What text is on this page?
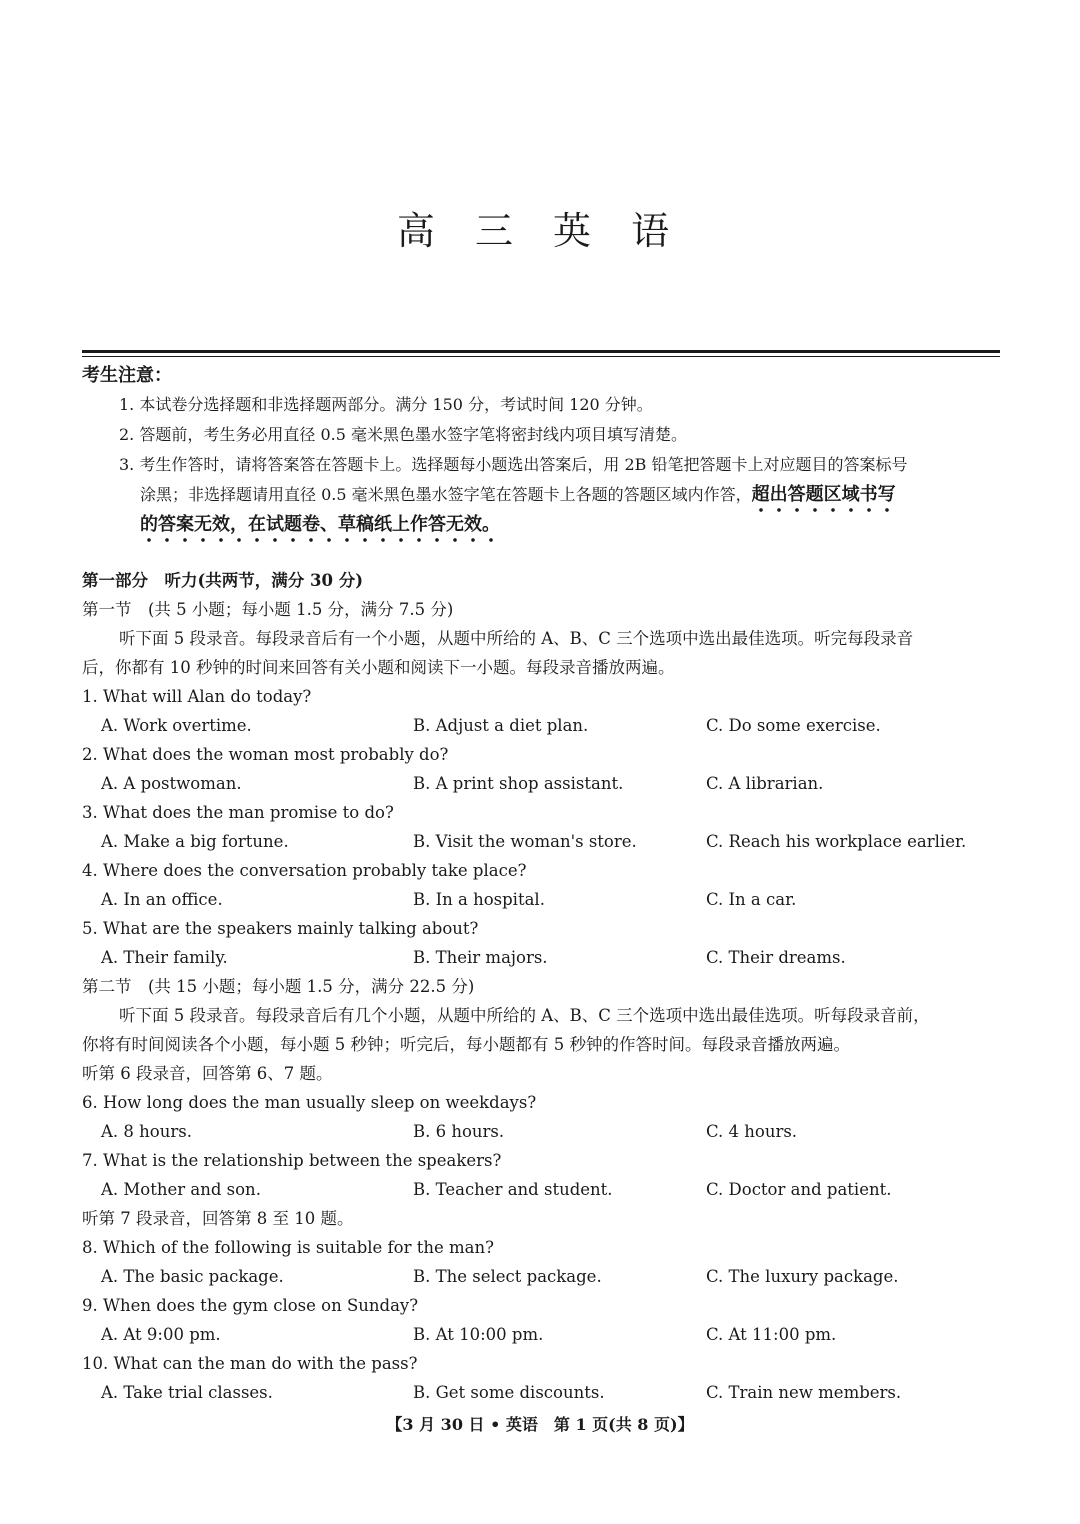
高 三 英 语
考生注意：
1. 本试卷分选择题和非选择题两部分。满分 150 分，考试时间 120 分钟。
2. 答题前，考生务必用直径 0.5 毫米黑色墨水签字笔将密封线内项目填写清楚。
3. 考生作答时，请将答案答在答题卡上。选择题每小题选出答案后，用 2B 铅笔把答题卡上对应题目的答案标号
涂黑；非选择题请用直径 0.5 毫米黑色墨水签字笔在答题卡上各题的答题区域内作答，超出答题区域书写
的答案无效，在试题卷、草稿纸上作答无效。
第一部分　听力(共两节，满分 30 分)
第一节　(共 5 小题；每小题 1.5 分，满分 7.5 分)
听下面 5 段录音。每段录音后有一个小题，从题中所给的 A、B、C 三个选项中选出最佳选项。听完每段录音
后，你都有 10 秒钟的时间来回答有关小题和阅读下一小题。每段录音播放两遍。
1. What will Alan do today?
A. Work overtime.	B. Adjust a diet plan.	C. Do some exercise.
2. What does the woman most probably do?
A. A postwoman.	B. A print shop assistant.	C. A librarian.
3. What does the man promise to do?
A. Make a big fortune.	B. Visit the woman's store.	C. Reach his workplace earlier.
4. Where does the conversation probably take place?
A. In an office.	B. In a hospital.	C. In a car.
5. What are the speakers mainly talking about?
A. Their family.	B. Their majors.	C. Their dreams.
第二节　(共 15 小题；每小题 1.5 分，满分 22.5 分)
听下面 5 段录音。每段录音后有几个小题，从题中所给的 A、B、C 三个选项中选出最佳选项。听每段录音前，
你将有时间阅读各个小题，每小题 5 秒钟；听完后，每小题都有 5 秒钟的作答时间。每段录音播放两遍。
听第 6 段录音，回答第 6、7 题。
6. How long does the man usually sleep on weekdays?
A. 8 hours.	B. 6 hours.	C. 4 hours.
7. What is the relationship between the speakers?
A. Mother and son.	B. Teacher and student.	C. Doctor and patient.
听第 7 段录音，回答第 8 至 10 题。
8. Which of the following is suitable for the man?
A. The basic package.	B. The select package.	C. The luxury package.
9. When does the gym close on Sunday?
A. At 9:00 pm.	B. At 10:00 pm.	C. At 11:00 pm.
10. What can the man do with the pass?
A. Take trial classes.	B. Get some discounts.	C. Train new members.
【3 月 30 日 • 英语　第 1 页(共 8 页)】
